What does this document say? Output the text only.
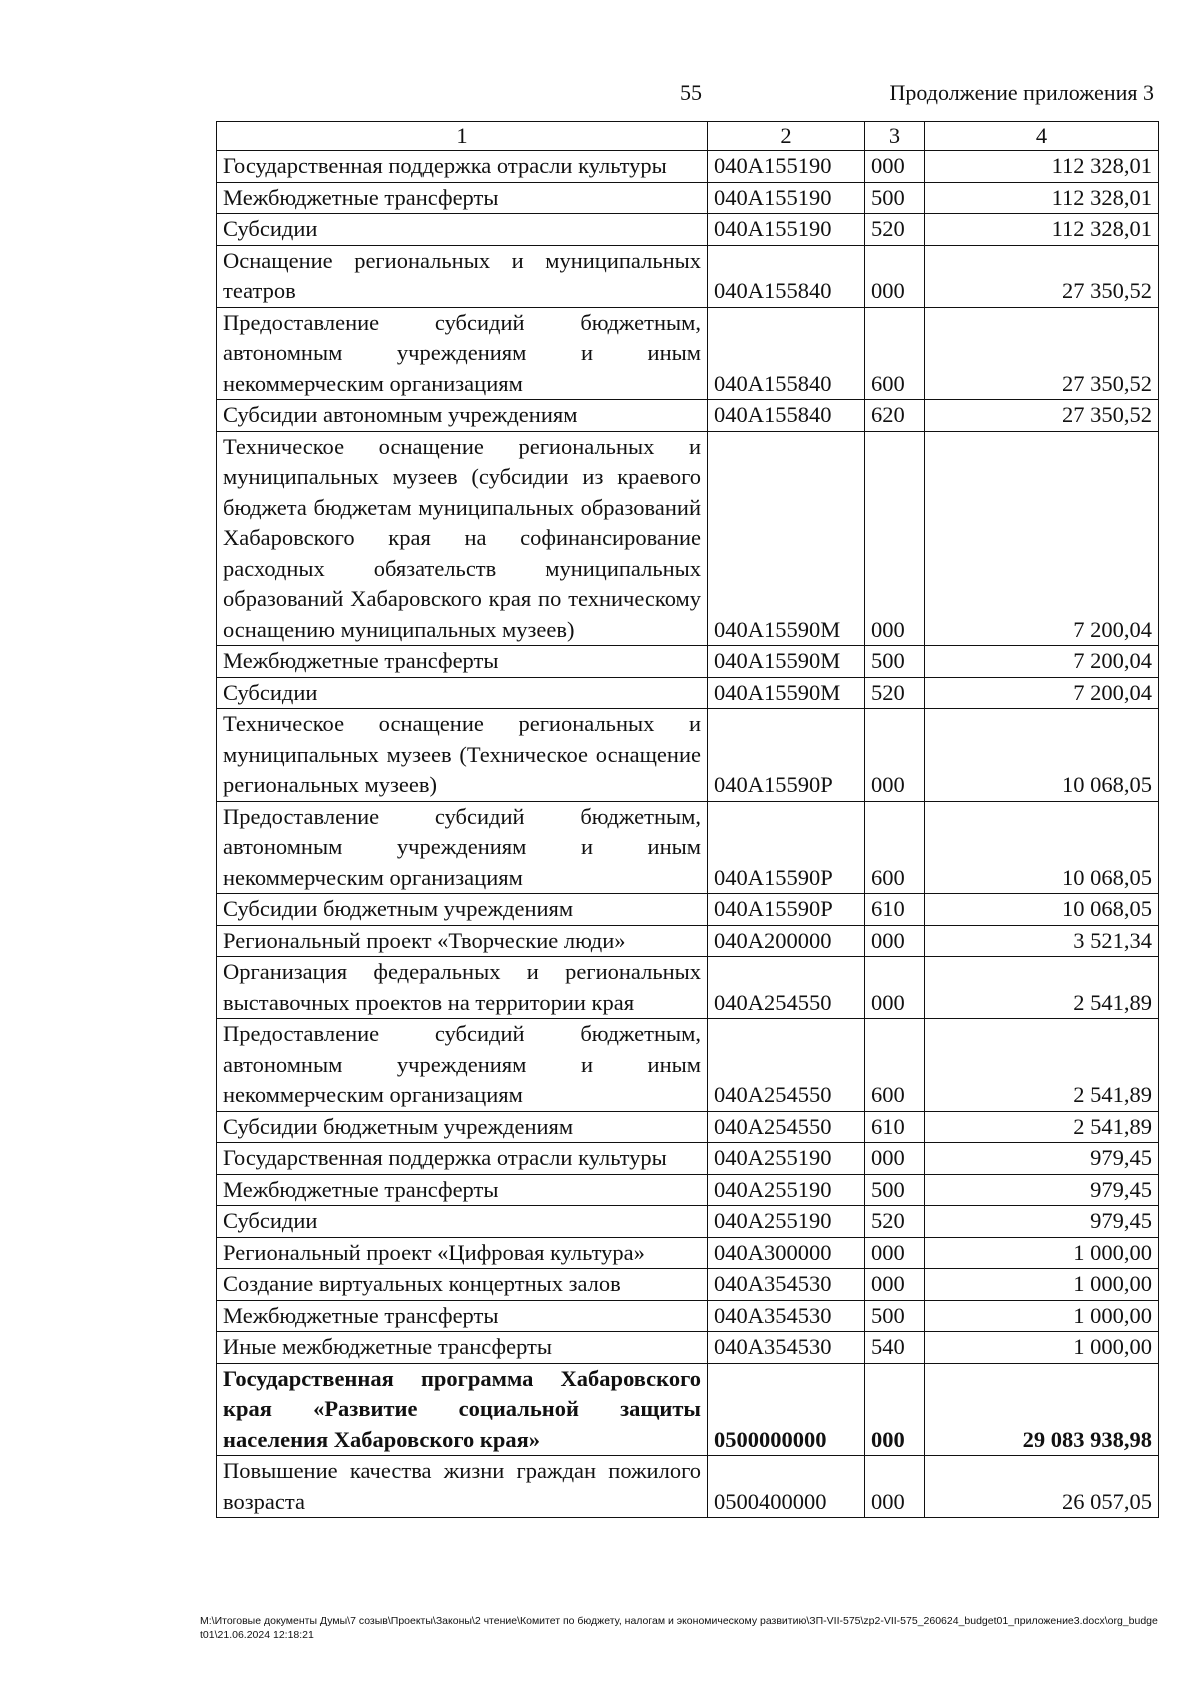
55	Продолжение приложения 3
1	2	3	4
Государственная поддержка отрасли культуры	040A155190	000	112 328,01
Межбюджетные трансферты	040A155190	500	112 328,01
Субсидии	040A155190	520	112 328,01
Оснащение региональных и муниципальных театров	040A155840	000	27 350,52
Предоставление субсидий бюджетным, автономным учреждениям и иным некоммерческим организациям	040A155840	600	27 350,52
Субсидии автономным учреждениям	040A155840	620	27 350,52
Техническое оснащение региональных и муниципальных музеев (субсидии из краевого бюджета бюджетам муниципальных образований Хабаровского края на софинансирование расходных обязательств муниципальных образований Хабаровского края по техническому оснащению муниципальных музеев)	040A15590M	000	7 200,04
Межбюджетные трансферты	040A15590M	500	7 200,04
Субсидии	040A15590M	520	7 200,04
Техническое оснащение региональных и муниципальных музеев (Техническое оснащение региональных музеев)	040A15590P	000	10 068,05
Предоставление субсидий бюджетным, автономным учреждениям и иным некоммерческим организациям	040A15590P	600	10 068,05
Субсидии бюджетным учреждениям	040A15590P	610	10 068,05
Региональный проект «Творческие люди»	040A200000	000	3 521,34
Организация федеральных и региональных выставочных проектов на территории края	040A254550	000	2 541,89
Предоставление субсидий бюджетным, автономным учреждениям и иным некоммерческим организациям	040A254550	600	2 541,89
Субсидии бюджетным учреждениям	040A254550	610	2 541,89
Государственная поддержка отрасли культуры	040A255190	000	979,45
Межбюджетные трансферты	040A255190	500	979,45
Субсидии	040A255190	520	979,45
Региональный проект «Цифровая культура»	040A300000	000	1 000,00
Создание виртуальных концертных залов	040A354530	000	1 000,00
Межбюджетные трансферты	040A354530	500	1 000,00
Иные межбюджетные трансферты	040A354530	540	1 000,00
Государственная программа Хабаровского края «Развитие социальной защиты населения Хабаровского края»	0500000000	000	29 083 938,98
Повышение качества жизни граждан пожилого возраста	0500400000	000	26 057,05
M:\Итоговые документы Думы\7 созыв\Проекты\Законы\2 чтение\Комитет по бюджету, налогам и экономическому развитию\ЗП-VII-575\zp2-VII-575_260624_budget01_приложение3.docx\org_budget01\21.06.2024 12:18:21
